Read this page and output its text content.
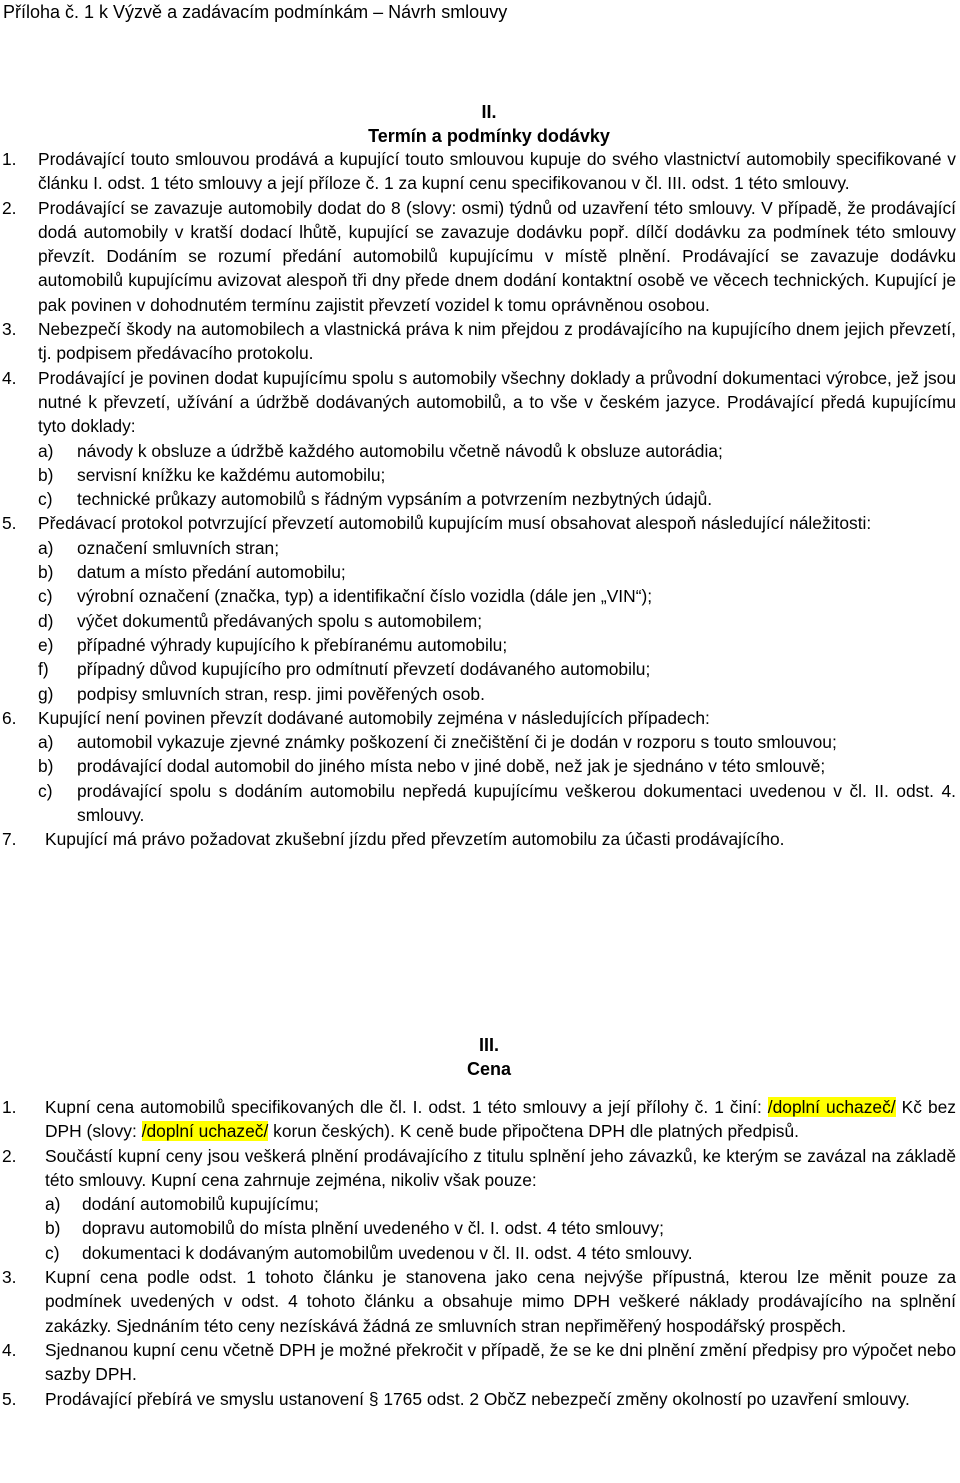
Příloha č. 1 k Výzvě a zadávacím podmínkám – Návrh smlouvy
II.
Termín a podmínky dodávky
1. Prodávající touto smlouvou prodává a kupující touto smlouvou kupuje do svého vlastnictví automobily specifikované v článku I. odst. 1 této smlouvy a její příloze č. 1 za kupní cenu specifikovanou v čl. III. odst. 1 této smlouvy.
2. Prodávající se zavazuje automobily dodat do 8 (slovy: osmi) týdnů od uzavření této smlouvy. V případě, že prodávající dodá automobily v kratší dodací lhůtě, kupující se zavazuje dodávku popř. dílčí dodávku za podmínek této smlouvy převzít. Dodáním se rozumí předání automobilů kupujícímu v místě plnění. Prodávající se zavazuje dodávku automobilů kupujícímu avizovat alespoň tři dny přede dnem dodání kontaktní osobě ve věcech technických. Kupující je pak povinen v dohodnutém termínu zajistit převzetí vozidel k tomu oprávněnou osobou.
3. Nebezpečí škody na automobilech a vlastnická práva k nim přejdou z prodávajícího na kupujícího dnem jejich převzetí, tj. podpisem předávacího protokolu.
4. Prodávající je povinen dodat kupujícímu spolu s automobily všechny doklady a průvodní dokumentaci výrobce, jež jsou nutné k převzetí, užívání a údržbě dodávaných automobilů, a to vše v českém jazyce. Prodávající předá kupujícímu tyto doklady:
a) návody k obsluze a údržbě každého automobilu včetně návodů k obsluze autorádia;
b) servisní knížku ke každému automobilu;
c) technické průkazy automobilů s řádným vypsáním a potvrzením nezbytných údajů.
5. Předávací protokol potvrzující převzetí automobilů kupujícím musí obsahovat alespoň následující náležitosti:
a) označení smluvních stran;
b) datum a místo předání automobilu;
c) výrobní označení (značka, typ) a identifikační číslo vozidla (dále jen „VIN“);
d) výčet dokumentů předávaných spolu s automobilem;
e) případné výhrady kupujícího k přebíranému automobilu;
f) případný důvod kupujícího pro odmítnutí převzetí dodávaného automobilu;
g) podpisy smluvních stran, resp. jimi pověřených osob.
6. Kupující není povinen převzít dodávané automobily zejména v následujících případech:
a) automobil vykazuje zjevné známky poškození či znečištění či je dodán v rozporu s touto smlouvou;
b) prodávající dodal automobil do jiného místa nebo v jiné době, než jak je sjednáno v této smlouvě;
c) prodávající spolu s dodáním automobilu nepředá kupujícímu veškerou dokumentaci uvedenou v čl. II. odst. 4. smlouvy.
7. Kupující má právo požadovat zkušební jízdu před převzetím automobilu za účasti prodávajícího.
III.
Cena
1. Kupní cena automobilů specifikovaných dle čl. I. odst. 1 této smlouvy a její přílohy č. 1 činí: /doplní uchazeč/ Kč bez DPH (slovy: /doplní uchazeč/ korun českých). K ceně bude připočtena DPH dle platných předpisů.
2. Součástí kupní ceny jsou veškerá plnění prodávajícího z titulu splnění jeho závazků, ke kterým se zavázal na základě této smlouvy. Kupní cena zahrnuje zejména, nikoliv však pouze:
a) dodání automobilů kupujícímu;
b) dopravu automobilů do místa plnění uvedeného v čl. I. odst. 4 této smlouvy;
c) dokumentaci k dodávaným automobilům uvedenou v čl. II. odst. 4 této smlouvy.
3. Kupní cena podle odst. 1 tohoto článku je stanovena jako cena nejvýše přípustná, kterou lze měnit pouze za podmínek uvedených v odst. 4 tohoto článku a obsahuje mimo DPH veškeré náklady prodávajícího na splnění zakázky. Sjednáním této ceny nezískává žádná ze smluvních stran nepřiměřený hospodářský prospěch.
4. Sjednanou kupní cenu včetně DPH je možné překročit v případě, že se ke dni plnění změní předpisy pro výpočet nebo sazby DPH.
5. Prodávající přebírá ve smyslu ustanovení § 1765 odst. 2 ObčZ nebezpečí změny okolností po uzavření smlouvy.
